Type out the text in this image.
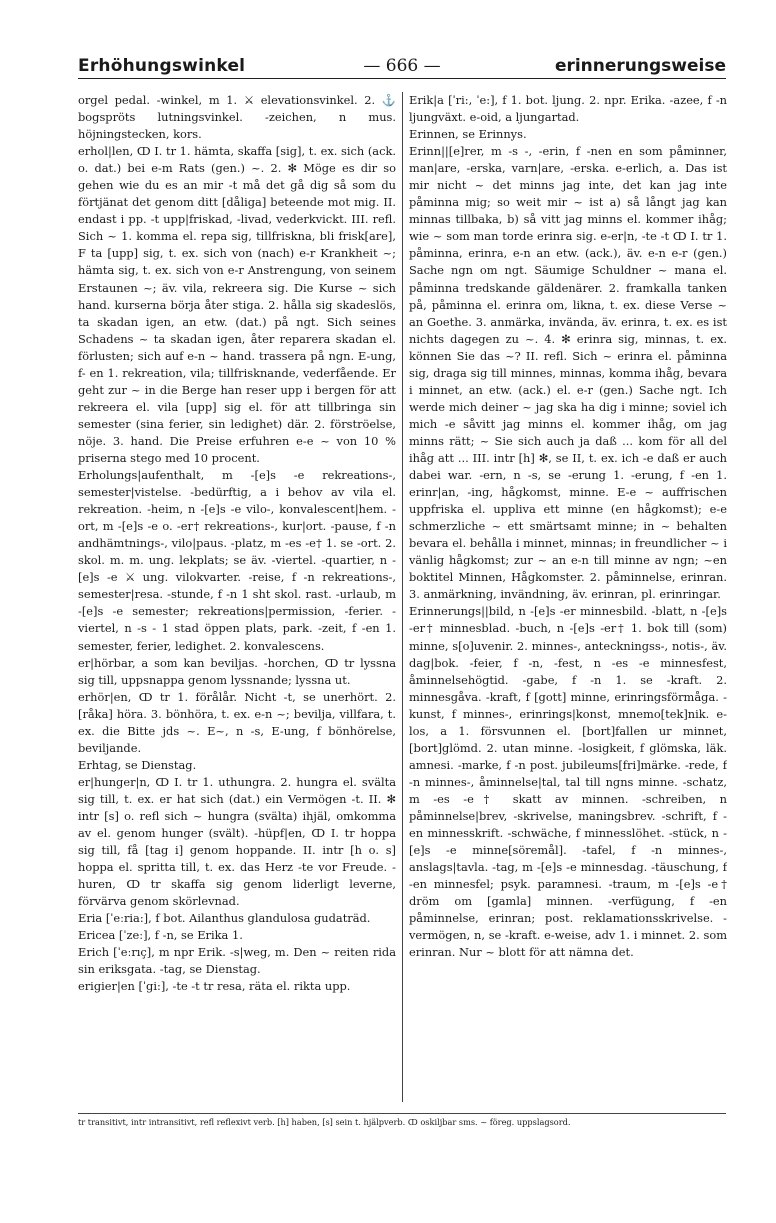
Erhöhungswinkel	— 666 —	erinnerungsweise

orgel pedal. -winkel, m 1. ⚔ elevationsvinkel. 2. ⚓ bogspröts lutningsvinkel. -zeichen, n mus. höjningstecken, kors.

erhol|len, ↀ I. tr 1. hämta, skaffa [sig], t. ex. sich (ack. o. dat.) bei e-m Rats (gen.) ~. 2. ✻ Möge es dir so gehen wie du es an mir -t må det gå dig så som du förtjänat det genom ditt [dåliga] beteende mot mig. II. endast i pp. -t upp|friskad, -livad, vederkvickt. III. refl. Sich ~ 1. komma el. repa sig, tillfriskna, bli frisk[are], F ta [upp] sig, t. ex. sich von (nach) e-r Krankheit ~; hämta sig, t. ex. sich von e-r Anstrengung, von seinem Erstaunen ~; äv. vila, rekreera sig. Die Kurse ~ sich hand. kurserna börja åter stiga. 2. hålla sig skadeslös, ta skadan igen, an etw. (dat.) på ngt. Sich seines Schadens ~ ta skadan igen, åter reparera skadan el. förlusten; sich auf e-n ~ hand. trassera på ngn. E-ung, f- en 1. rekreation, vila; tillfrisknande, vederfående. Er geht zur ~ in die Berge han reser upp i bergen för att rekreera el. vila [upp] sig el. för att tillbringa sin semester (sina ferier, sin ledighet) där. 2. förströelse, nöje. 3. hand. Die Preise erfuhren e-e ~ von 10 % priserna stego med 10 procent.

Erholungs|aufenthalt, m -[e]s -e rekreations-, semester|vistelse. -bedürftig, a i behov av vila el. rekreation. -heim, n -[e]s -e vilo-, konvalescent|hem. -ort, m -[e]s -e o. -er† rekreations-, kur|ort. -pause, f -n andhämtnings-, vilo|paus. -platz, m -es -e† 1. se -ort. 2. skol. m. m. ung. lekplats; se äv. -viertel. -quartier, n -[e]s -e ⚔ ung. vilokvarter. -reise, f -n rekreations-, semester|resa. -stunde, f -n 1 sht skol. rast. -urlaub, m -[e]s -e semester; rekreations|permission, -ferier. -viertel, n -s - 1 stad öppen plats, park. -zeit, f -en 1. semester, ferier, ledighet. 2. konvalescens.

er|hörbar, a som kan beviljas. -horchen, ↀ tr lyssna sig till, uppsnappa genom lyssnande; lyssna ut.

erhör|en, ↀ tr 1. förålår. Nicht -t, se unerhört. 2. [råka] höra. 3. bönhöra, t. ex. e-n ~; bevilja, villfara, t. ex. die Bitte jds ~. E~, n -s, E-ung, f bönhörelse, beviljande.

Erhtag, se Dienstag.

er|hunger|n, ↀ I. tr 1. uthungra. 2. hungra el. svälta sig till, t. ex. er hat sich (dat.) ein Vermögen -t. II. ✻ intr [s] o. refl sich ~ hungra (svälta) ihjäl, omkomma av el. genom hunger (svält). -hüpf|en, ↀ I. tr hoppa sig till, få [tag i] genom hoppande. II. intr [h o. s] hoppa el. spritta till, t. ex. das Herz -te vor Freude. -huren, ↀ tr skaffa sig genom liderligt leverne, förvärva genom skörlevnad.

Eria [ˈeːria:], f bot. Ailanthus glandulosa gudaträd.

Ericea [ˈzeː], f -n, se Erika 1.

Erich [ˈeːrıç], m npr Erik. -s|weg, m. Den ~ reiten rida sin eriksgata. -tag, se Dienstag.

erigier|en [ˈgi:], -te -t tr resa, räta el. rikta upp.

Erik|a [ˈri:, ˈe:], f 1. bot. ljung. 2. npr. Erika. -azee, f -n ljungväxt. e-oid, a ljungartad.

Erinnen, se Erinnys.

Erinn||[e]rer, m -s -, -erin, f -nen en som påminner, man|are, -erska, varn|are, -erska. e-erlich, a. Das ist mir nicht ~ det minns jag inte, det kan jag inte påminna mig; so weit mir ~ ist a) så långt jag kan minnas tillbaka, b) så vitt jag minns el. kommer ihåg; wie ~ som man torde erinra sig. e-er|n, -te -t ↀ I. tr 1. påminna, erinra, e-n an etw. (ack.), äv. e-n e-r (gen.) Sache ngn om ngt. Säumige Schuldner ~ mana el. påminna tredskande gäldenärer. 2. framkalla tanken på, påminna el. erinra om, likna, t. ex. diese Verse ~ an Goethe. 3. anmärka, invända, äv. erinra, t. ex. es ist nichts dagegen zu ~. 4. ✻ erinra sig, minnas, t. ex. können Sie das ~? II. refl. Sich ~ erinra el. påminna sig, draga sig till minnes, minnas, komma ihåg, bevara i minnet, an etw. (ack.) el. e-r (gen.) Sache ngt. Ich werde mich deiner ~ jag ska ha dig i minne; soviel ich mich -e såvitt jag minns el. kommer ihåg, om jag minns rätt; ~ Sie sich auch ja daß ... kom för all del ihåg att ... III. intr [h] ✻, se II, t. ex. ich -e daß er auch dabei war. -ern, n -s, se -erung 1. -erung, f -en 1. erinr|an, -ing, hågkomst, minne. E-e ~ auffrischen uppfriska el. uppliva ett minne (en hågkomst); e-e schmerzliche ~ ett smärtsamt minne; in ~ behalten bevara el. behålla i minnet, minnas; in freundlicher ~ i vänlig hågkomst; zur ~ an e-n till minne av ngn; ~en boktitel Minnen, Hågkomster. 2. påminnelse, erinran. 3. anmärkning, invändning, äv. erinran, pl. erinringar.

Erinnerungs||bild, n -[e]s -er minnesbild. -blatt, n -[e]s -er† minnesblad. -buch, n -[e]s -er† 1. bok till (som) minne, s[o]uvenir. 2. minnes-, anteckningss-, notis-, äv. dag|bok. -feier, f -n, -fest, n -es -e minnesfest, åminnelsehögtid. -gabe, f -n 1. se -kraft. 2. minnesgåva. -kraft, f [gott] minne, erinringsförmåga. -kunst, f minnes-, erinrings|konst, mnemo[tek]nik. e-los, a 1. försvunnen el. [bort]fallen ur minnet, [bort]glömd. 2. utan minne. -losigkeit, f glömska, läk. amnesi. -marke, f -n post. jubileums[fri]märke. -rede, f -n minnes-, åminnelse|tal, tal till ngns minne. -schatz, m -es -e† skatt av minnen. -schreiben, n påminnelse|brev, -skrivelse, maningsbrev. -schrift, f -en minnesskrift. -schwäche, f minnesslöhet. -stück, n -[e]s -e minne[söremål]. -tafel, f -n minnes-, anslags|tavla. -tag, m -[e]s -e minnesdag. -täuschung, f -en minnesfel; psyk. paramnesi. -traum, m -[e]s -e† dröm om [gamla] minnen. -verfügung, f -en påminnelse, erinran; post. reklamationsskrivelse. -vermögen, n, se -kraft. e-weise, adv 1. i minnet. 2. som erinran. Nur ~ blott för att nämna det.

tr transitivt, intr intransitivt, refl reflexivt verb. [h] haben, [s] sein t. hjälpverb. ↀ oskiljbar sms. ~ föreg. uppslagsord.
